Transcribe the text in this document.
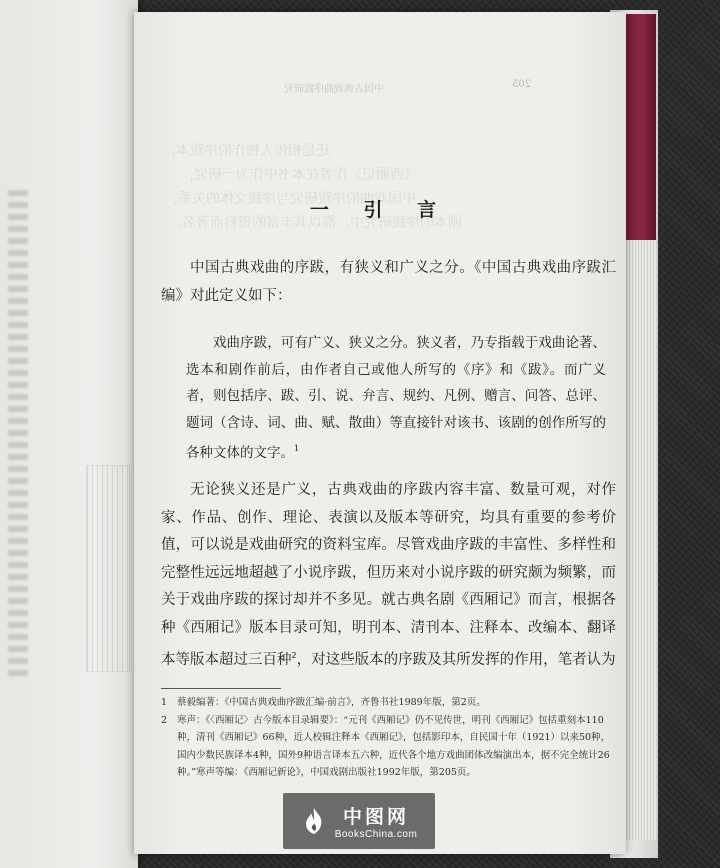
中国古典戏曲序跋研究	205
还是相传人物作的序跋本，
《西厢记》作者在本书中作为一研究，
中国戏曲的序跋研究与序跋文体的关系，
剧本的序跋研究中，都以其丰富的资料而著名。
一 引 言
中国古典戏曲的序跋，有狭义和广义之分。《中国古典戏曲序跋汇编》对此定义如下：
戏曲序跋，可有广义、狭义之分。狭义者，乃专指载于戏曲论著、选本和剧作前后，由作者自己或他人所写的《序》和《跋》。而广义者，则包括序、跋、引、说、弁言、规约、凡例、赠言、问答、总评、题词（含诗、词、曲、赋、散曲）等直接针对该书、该剧的创作所写的各种文体的文字。$^1$
无论狭义还是广义，古典戏曲的序跋内容丰富、数量可观，对作家、作品、创作、理论、表演以及版本等研究，均具有重要的参考价值，可以说是戏曲研究的资料宝库。尽管戏曲序跋的丰富性、多样性和完整性远远地超越了小说序跋，但历来对小说序跋的研究颇为频繁，而关于戏曲序跋的探讨却并不多见。就古典名剧《西厢记》而言，根据各种《西厢记》版本目录可知，明刊本、清刊本、注释本、改编本、翻译本等版本超过三百种$^2$，对这些版本的序跋及其所发挥的作用，笔者认为
1	蔡毅编著：《中国古典戏曲序跋汇编·前言》，齐鲁书社1989年版，第2页。
2	寒声：《〈西厢记〉古今版本目录辑要》：“元刊《西厢记》仍不见传世，明刊《西厢记》包括重刻本110种，清刊《西厢记》66种，近人校辑注释本《西厢记》，包括影印本，自民国十年（1921）以来50种，国内少数民族译本4种，国外9种语言译本五六种，近代各个地方戏曲团体改编演出本，据不完全统计26种。”寒声等编：《西厢记新论》，中国戏剧出版社1992年版，第205页。
中图网
BooksChina.com
